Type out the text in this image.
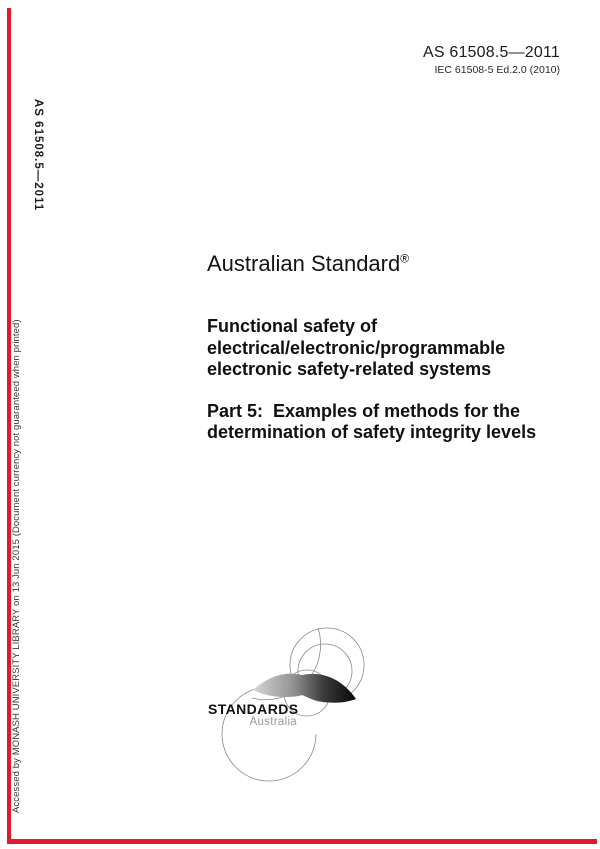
AS 61508.5—2011
IEC 61508-5 Ed.2.0 (2010)
AS 61508.5—2011
Accessed by MONASH UNIVERSITY LIBRARY on 13 Jun 2015 (Document currency not guaranteed when printed)
Australian Standard®
Functional safety of
electrical/electronic/programmable
electronic safety-related systems
Part 5:  Examples of methods for the
determination of safety integrity levels
STANDARDS
Australia
